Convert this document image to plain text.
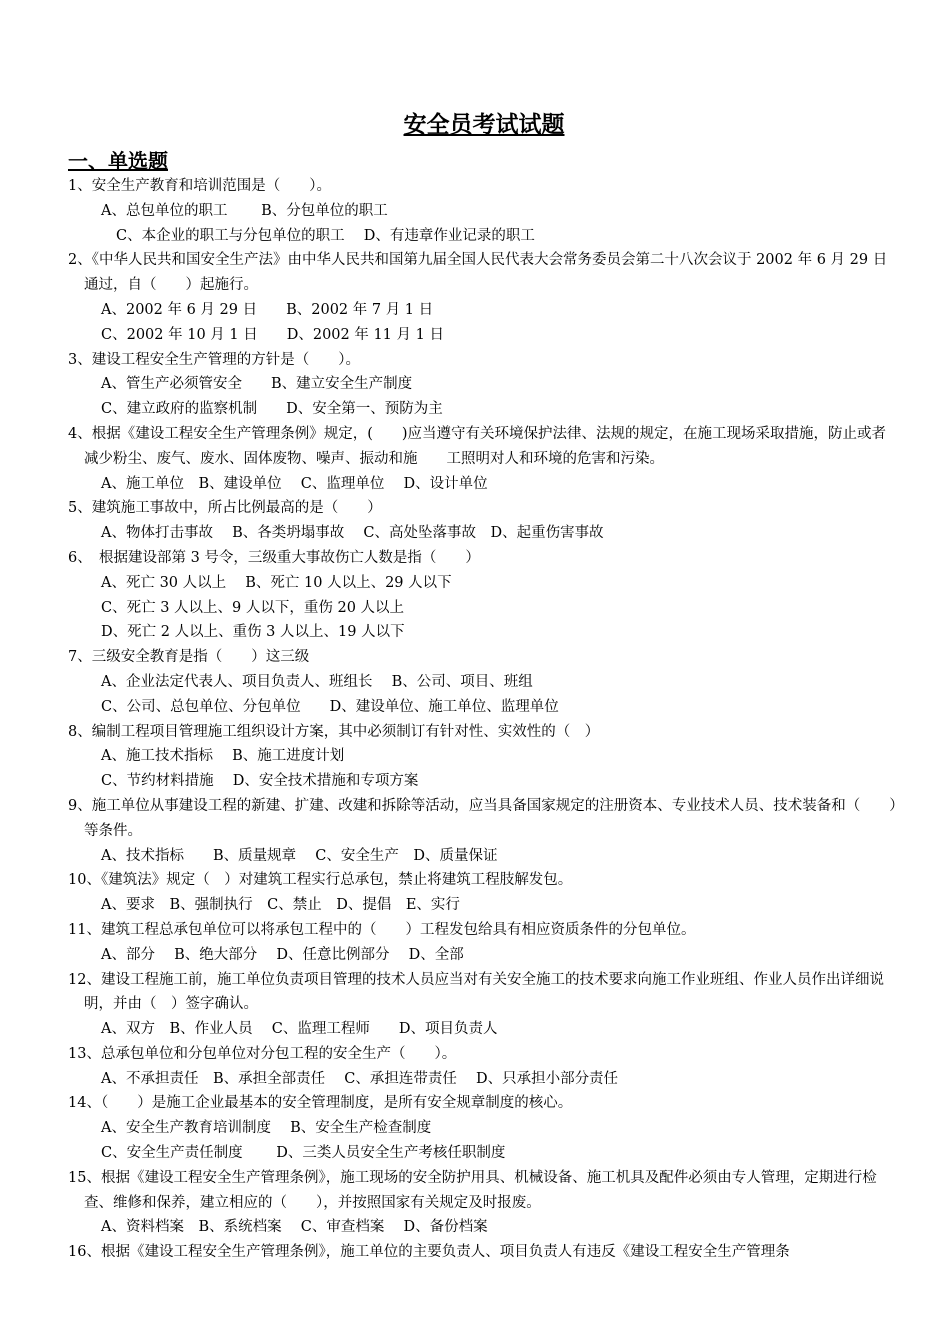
安全员考试试题
一、单选题
1、安全生产教育和培训范围是（　　）。
A、总包单位的职工　　 B、分包单位的职工
C、本企业的职工与分包单位的职工　 D、有违章作业记录的职工
2、《中华人民共和国安全生产法》由中华人民共和国第九届全国人民代表大会常务委员会第二十八次会议于 2002 年 6 月 29 日通过，自（　　）起施行。
A、2002 年 6 月 29 日　　B、2002 年 7 月 1 日
C、2002 年 10 月 1 日　　D、2002 年 11 月 1 日
3、建设工程安全生产管理的方针是（　　）。
A、管生产必须管安全　　B、建立安全生产制度
C、建立政府的监察机制　　D、安全第一、预防为主
4、根据《建设工程安全生产管理条例》规定，(　　)应当遵守有关环境保护法律、法规的规定，在施工现场采取措施，防止或者减少粉尘、废气、废水、固体废物、噪声、振动和施　　工照明对人和环境的危害和污染。
A、施工单位　B、建设单位　 C、监理单位　 D、设计单位
5、建筑施工事故中，所占比例最高的是（　　）
A、物体打击事故　 B、各类坍塌事故　 C、高处坠落事故　D、起重伤害事故
6、　根据建设部第 3 号令，三级重大事故伤亡人数是指（　　）
A、死亡 30 人以上　 B、死亡 10 人以上、29 人以下
C、死亡 3 人以上、9 人以下，重伤 20 人以上
D、死亡 2 人以上、重伤 3 人以上、19 人以下
7、三级安全教育是指（　　）这三级
A、企业法定代表人、项目负责人、班组长　 B、公司、项目、班组
C、公司、总包单位、分包单位　　D、建设单位、施工单位、监理单位
8、编制工程项目管理施工组织设计方案，其中必须制订有针对性、实效性的（　）
A、施工技术指标　 B、施工进度计划
C、节约材料措施　 D、安全技术措施和专项方案
9、施工单位从事建设工程的新建、扩建、改建和拆除等活动，应当具备国家规定的注册资本、专业技术人员、技术装备和（　　）等条件。
A、技术指标　　B、质量规章　 C、安全生产　D、质量保证
10、《建筑法》规定（　）对建筑工程实行总承包，禁止将建筑工程肢解发包。
A、要求　B、强制执行　C、禁止　D、提倡　E、实行
11、建筑工程总承包单位可以将承包工程中的（　　）工程发包给具有相应资质条件的分包单位。
A、部分　 B、绝大部分　 D、任意比例部分　 D、全部
12、建设工程施工前，施工单位负责项目管理的技术人员应当对有关安全施工的技术要求向施工作业班组、作业人员作出详细说明，并由（　）签字确认。
A、双方　B、作业人员　 C、监理工程师　　D、项目负责人
13、总承包单位和分包单位对分包工程的安全生产（　　）。
A、不承担责任　B、承担全部责任　 C、承担连带责任　 D、只承担小部分责任
14、（　　）是施工企业最基本的安全管理制度，是所有安全规章制度的核心。
A、安全生产教育培训制度　 B、安全生产检查制度
C、安全生产责任制度　　 D、三类人员安全生产考核任职制度
15、根据《建设工程安全生产管理条例》，施工现场的安全防护用具、机械设备、施工机具及配件必须由专人管理，定期进行检查、维修和保养，建立相应的（　　），并按照国家有关规定及时报废。
A、资料档案　B、系统档案　 C、审查档案　 D、备份档案
16、根据《建设工程安全生产管理条例》，施工单位的主要负责人、项目负责人有违反《建设工程安全生产管理条
